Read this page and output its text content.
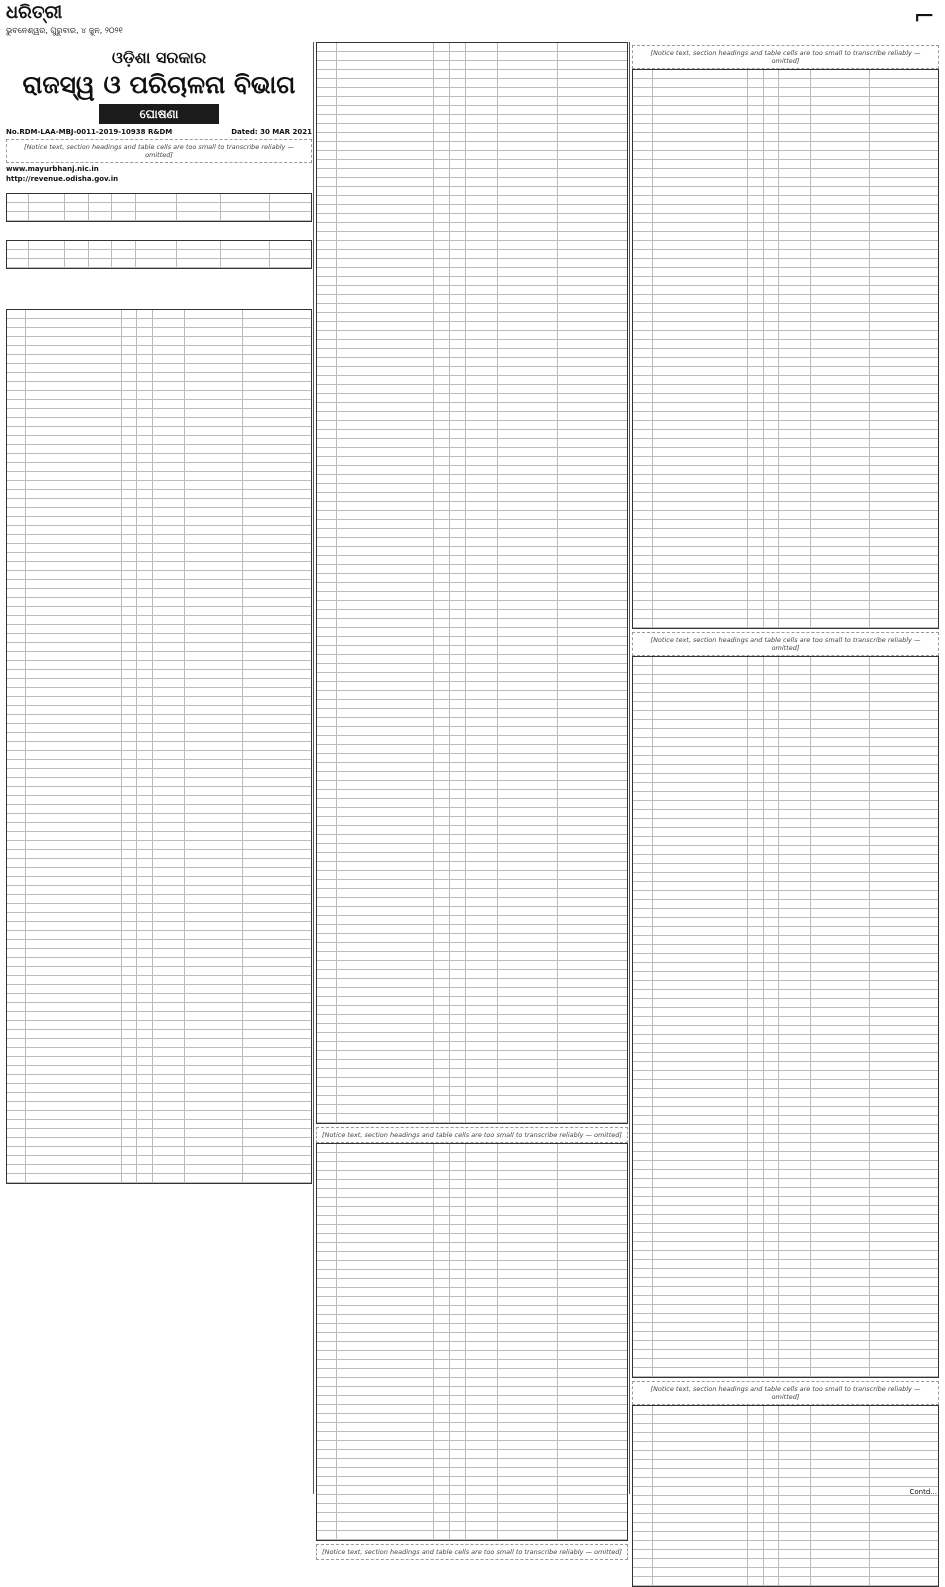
ଧରିତ୍ରୀ
ଭୁବନେଶ୍ୱର, ଗୁରୁବାର, ୪ ଜୁନ, ୨୦୨୧	⌐
ଓଡ଼ିଶା ସରକାର
ରାଜସ୍ୱ ଓ ପରିଚାଳନା ବିଭାଗ
ଘୋଷଣା
No.RDM-LAA-MBJ-0011-2019-10938 R&DM	Dated: 30 MAR 2021
[Notice text, section headings and table cells are too small to transcribe reliably — omitted]
www.mayurbhanj.nic.in
http://revenue.odisha.gov.in
[Notice text, section headings and table cells are too small to transcribe reliably — omitted]
[Notice text, section headings and table cells are too small to transcribe reliably — omitted]
[Notice text, section headings and table cells are too small to transcribe reliably — omitted]
[Notice text, section headings and table cells are too small to transcribe reliably — omitted]
[Notice text, section headings and table cells are too small to transcribe reliably — omitted]
Contd...
